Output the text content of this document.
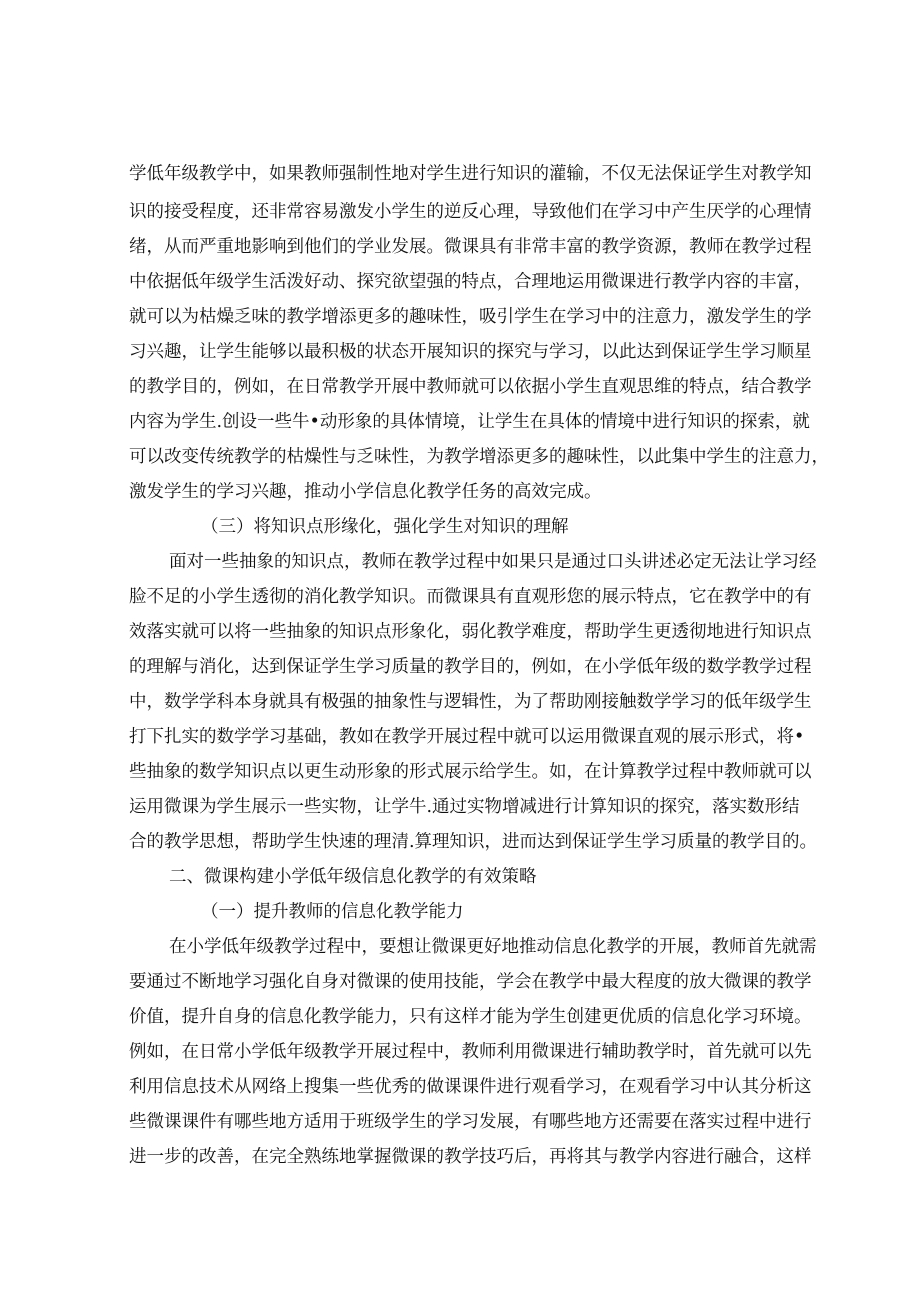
学低年级教学中，如果教师强制性地对学生进行知识的灌输，不仅无法保证学生对教学知
识的接受程度，还非常容易激发小学生的逆反心理，导致他们在学习中产生厌学的心理情
绪，从而严重地影响到他们的学业发展。微课具有非常丰富的教学资源，教师在教学过程
中依据低年级学生活泼好动、探究欲望强的特点，合理地运用微课进行教学内容的丰富，
就可以为枯燥乏味的教学增添更多的趣味性，吸引学生在学习中的注意力，激发学生的学
习兴趣，让学生能够以最积极的状态开展知识的探究与学习，以此达到保证学生学习顺星
的教学目的，例如，在日常教学开展中教师就可以依据小学生直观思维的特点，结合教学
内容为学生.创设一些牛•动形象的具体情境，让学生在具体的情境中进行知识的探索，就
可以改变传统教学的枯燥性与乏味性，为教学增添更多的趣味性，以此集中学生的注意力，
激发学生的学习兴趣，推动小学信息化教学任务的高效完成。
（三）将知识点形缘化，强化学生对知识的理解
面对一些抽象的知识点，教师在教学过程中如果只是通过口头讲述必定无法让学习经
脸不足的小学生透彻的消化教学知识。而微课具有直观形您的展示特点，它在教学中的有
效落实就可以将一些抽象的知识点形象化，弱化教学难度，帮助学生更透彻地进行知识点
的理解与消化，达到保证学生学习质量的教学目的，例如，在小学低年级的数学教学过程
中，数学学科本身就具有极强的抽象性与逻辑性，为了帮助刚接触数学学习的低年级学生
打下扎实的数学学习基础，教如在教学开展过程中就可以运用微课直观的展示形式，将•
些抽象的数学知识点以更生动形象的形式展示给学生。如，在计算教学过程中教师就可以
运用微课为学生展示一些实物，让学牛.通过实物增减进行计算知识的探究，落实数形结
合的教学思想，帮助学生快速的理清.算理知识，进而达到保证学生学习质量的教学目的。
二、微课构建小学低年级信息化教学的有效策略
（一）提升教师的信息化教学能力
在小学低年级教学过程中，要想让微课更好地推动信息化教学的开展，教师首先就需
要通过不断地学习强化自身对微课的使用技能，学会在教学中最大程度的放大微课的教学
价值，提升自身的信息化教学能力，只有这样才能为学生创建更优质的信息化学习环境。
例如，在日常小学低年级教学开展过程中，教师利用微课进行辅助教学时，首先就可以先
利用信息技术从网络上搜集一些优秀的做课课件进行观看学习，在观看学习中认其分析这
些微课课件有哪些地方适用于班级学生的学习发展，有哪些地方还需要在落实过程中进行
进一步的改善，在完全熟练地掌握微课的教学技巧后，再将其与教学内容进行融合，这样
